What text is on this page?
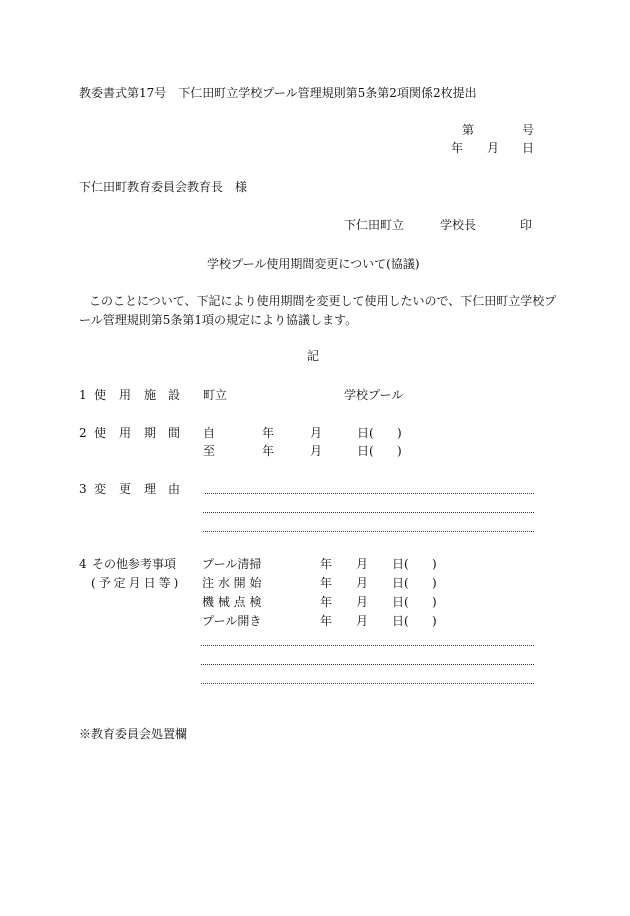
教委書式第17号　下仁田町立学校プール管理規則第5条第2項関係2枚提出
第	号
年 月 日
下仁田町教育委員会教育長　様
下仁田町立	学校長	印
学校プール使用期間変更について(協議)
このことについて、下記により使用期間を変更して使用したいので、下仁田町立学校プ
ール管理規則第5条第1項の規定により協議します。
記
1 使 用 施 設 町立	学校プール
2 使 用 期 間 自	年	月	日( )
至	年	月	日( )
3 変 更 理 由
4 その他参考事項
(予定月日等)
プール清掃	年 月 日( )
注 水 開 始	年 月 日( )
機 械 点 検	年 月 日( )
プール開き	年 月 日( )
※教育委員会処置欄
